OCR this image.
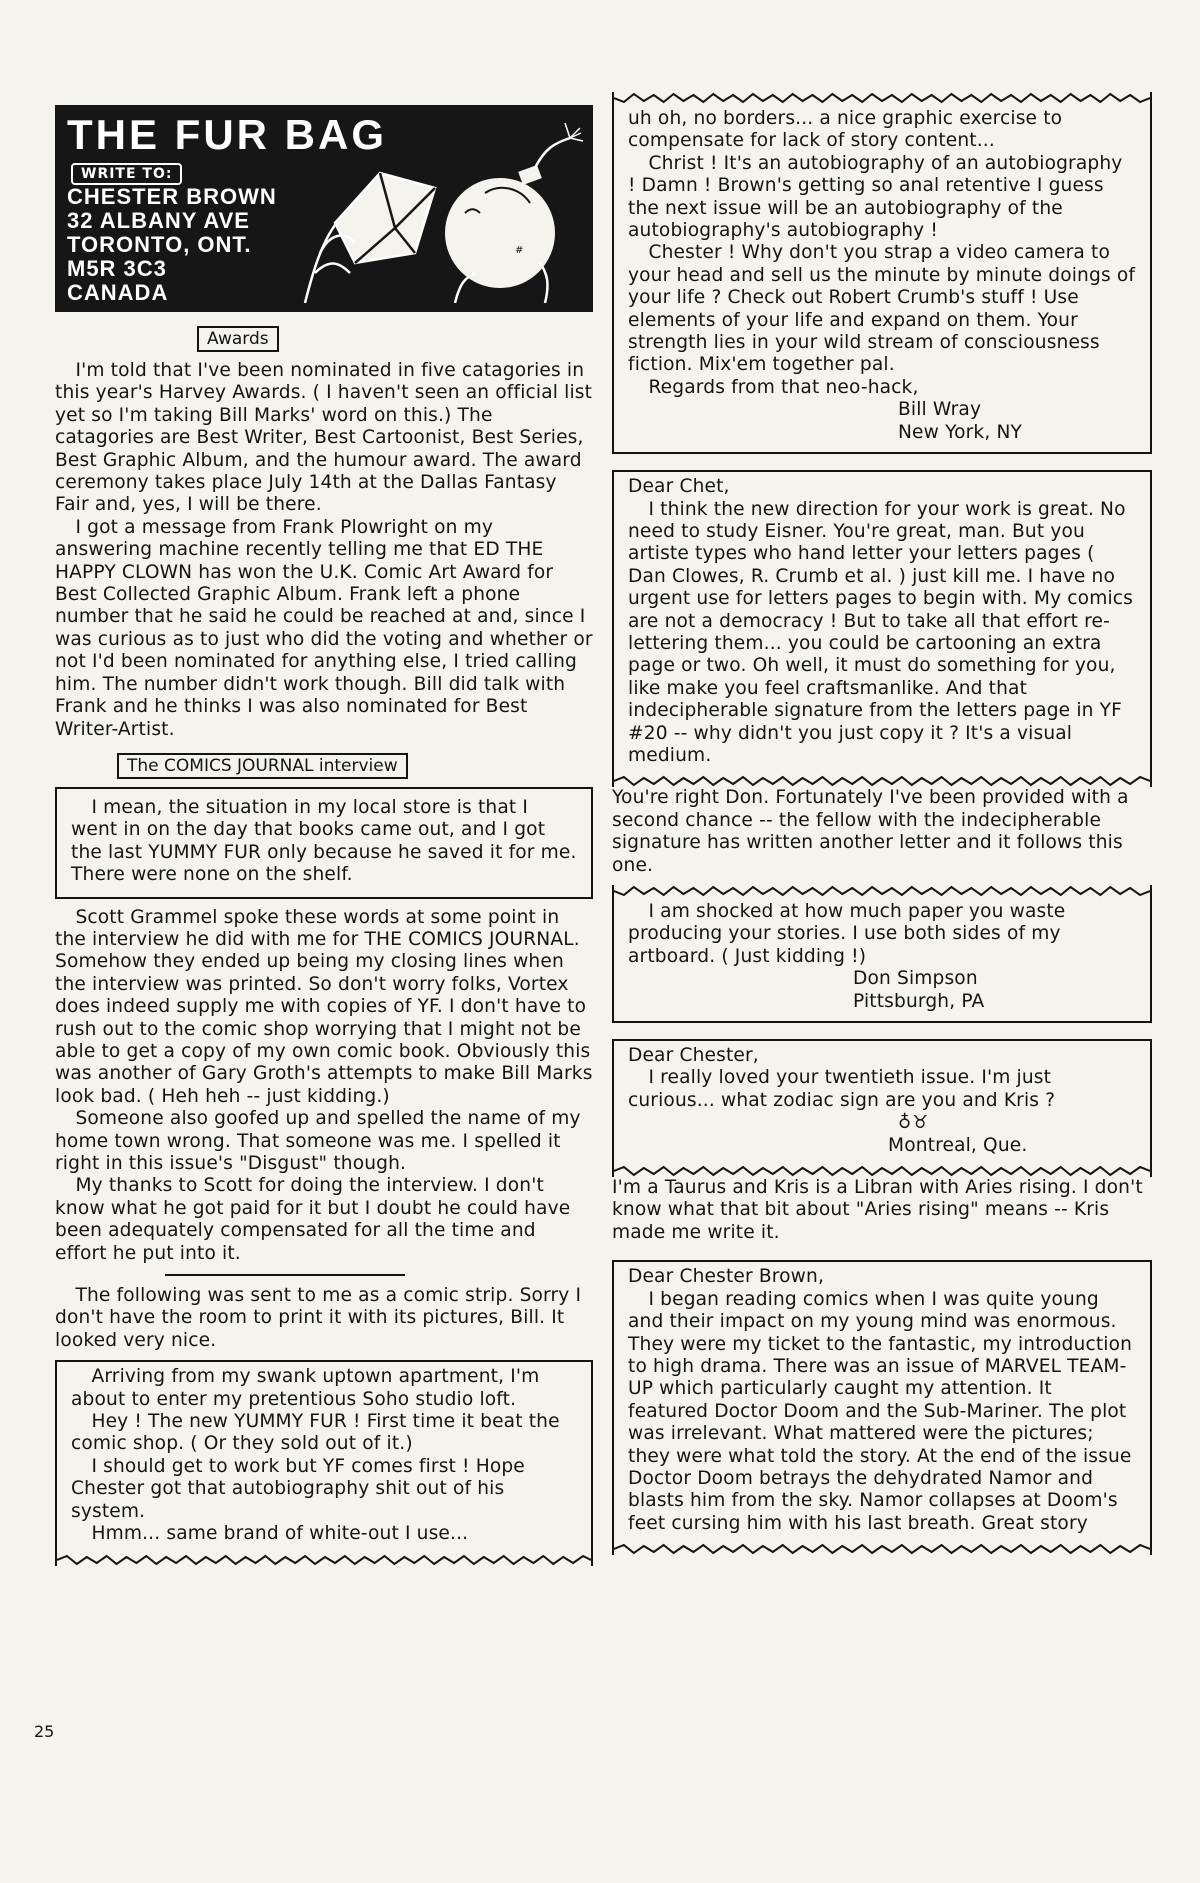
THE FUR BAG
WRITE TO:
CHESTER BROWN
32 ALBANY AVE
TORONTO, ONT.
M5R 3C3
CANADA
#
Awards

I'm told that I've been nominated in five catagories in this year's Harvey Awards. ( I haven't seen an official list yet so I'm taking Bill Marks' word on this.) The catagories are Best Writer, Best Cartoonist, Best Series, Best Graphic Album, and the humour award. The award ceremony takes place July 14th at the Dallas Fantasy Fair and, yes, I will be there.

I got a message from Frank Plowright on my answering machine recently telling me that ED THE HAPPY CLOWN has won the U.K. Comic Art Award for Best Collected Graphic Album. Frank left a phone number that he said he could be reached at and, since I was curious as to just who did the voting and whether or not I'd been nominated for anything else, I tried calling him. The number didn't work though. Bill did talk with Frank and he thinks I was also nominated for Best Writer-Artist.

The COMICS JOURNAL interview

I mean, the situation in my local store is that I went in on the day that books came out, and I got the last YUMMY FUR only because he saved it for me. There were none on the shelf.

Scott Grammel spoke these words at some point in the interview he did with me for THE COMICS JOURNAL. Somehow they ended up being my closing lines when the interview was printed. So don't worry folks, Vortex does indeed supply me with copies of YF. I don't have to rush out to the comic shop worrying that I might not be able to get a copy of my own comic book. Obviously this was another of Gary Groth's attempts to make Bill Marks look bad. ( Heh heh -- just kidding.)

Someone also goofed up and spelled the name of my home town wrong. That someone was me. I spelled it right in this issue's "Disgust" though.

My thanks to Scott for doing the interview. I don't know what he got paid for it but I doubt he could have been adequately compensated for all the time and effort he put into it.

The following was sent to me as a comic strip. Sorry I don't have the room to print it with its pictures, Bill. It looked very nice.

Arriving from my swank uptown apartment, I'm about to enter my pretentious Soho studio loft.

Hey ! The new YUMMY FUR ! First time it beat the comic shop. ( Or they sold out of it.)

I should get to work but YF comes first ! Hope Chester got that autobiography shit out of his system.

Hmm... same brand of white-out I use...

uh oh, no borders... a nice graphic exercise to compensate for lack of story content...

Christ ! It's an autobiography of an autobiography ! Damn ! Brown's getting so anal retentive I guess the next issue will be an autobiography of the autobiography's autobiography !

Chester ! Why don't you strap a video camera to your head and sell us the minute by minute doings of your life ? Check out Robert Crumb's stuff ! Use elements of your life and expand on them. Your strength lies in your wild stream of consciousness fiction. Mix'em together pal.

Regards from that neo-hack,

Bill Wray

New York, NY

Dear Chet,

I think the new direction for your work is great. No need to study Eisner. You're great, man. But you artiste types who hand letter your letters pages ( Dan Clowes, R. Crumb et al. ) just kill me. I have no urgent use for letters pages to begin with. My comics are not a democracy ! But to take all that effort re-lettering them... you could be cartooning an extra page or two. Oh well, it must do something for you, like make you feel craftsmanlike. And that indecipherable signature from the letters page in YF #20 -- why didn't you just copy it ? It's a visual medium.

You're right Don. Fortunately I've been provided with a second chance -- the fellow with the indecipherable signature has written another letter and it follows this one.

I am shocked at how much paper you waste producing your stories. I use both sides of my artboard. ( Just kidding !)

Don Simpson

Pittsburgh, PA

Dear Chester,

I really loved your twentieth issue. I'm just curious... what zodiac sign are you and Kris ?

♁♉

Montreal, Que.

I'm a Taurus and Kris is a Libran with Aries rising. I don't know what that bit about "Aries rising" means -- Kris made me write it.

Dear Chester Brown,

I began reading comics when I was quite young and their impact on my young mind was enormous. They were my ticket to the fantastic, my introduction to high drama. There was an issue of MARVEL TEAM-UP which particularly caught my attention. It featured Doctor Doom and the Sub-Mariner. The plot was irrelevant. What mattered were the pictures; they were what told the story. At the end of the issue Doctor Doom betrays the dehydrated Namor and blasts him from the sky. Namor collapses at Doom's feet cursing him with his last breath. Great story

25
